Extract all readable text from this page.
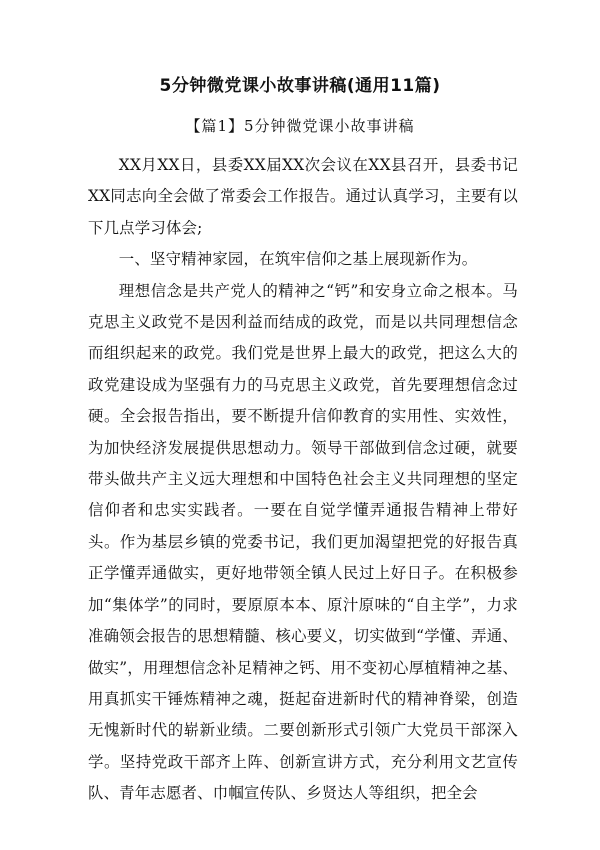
5分钟微党课小故事讲稿(通用11篇)
【篇1】5分钟微党课小故事讲稿

XX月XX日，县委XX届XX次会议在XX县召开，县委书记XX同志向全会做了常委会工作报告。通过认真学习，主要有以下几点学习体会;

一、坚守精神家园，在筑牢信仰之基上展现新作为。

理想信念是共产党人的精神之“钙”和安身立命之根本。马克思主义政党不是因利益而结成的政党，而是以共同理想信念而组织起来的政党。我们党是世界上最大的政党，把这么大的政党建设成为坚强有力的马克思主义政党，首先要理想信念过硬。全会报告指出，要不断提升信仰教育的实用性、实效性，为加快经济发展提供思想动力。领导干部做到信念过硬，就要带头做共产主义远大理想和中国特色社会主义共同理想的坚定信仰者和忠实实践者。一要在自觉学懂弄通报告精神上带好头。作为基层乡镇的党委书记，我们更加渴望把党的好报告真正学懂弄通做实，更好地带领全镇人民过上好日子。在积极参加“集体学”的同时，要原原本本、原汁原味的“自主学”，力求准确领会报告的思想精髓、核心要义，切实做到“学懂、弄通、做实”，用理想信念补足精神之钙、用不变初心厚植精神之基、用真抓实干锤炼精神之魂，挺起奋进新时代的精神脊梁，创造无愧新时代的崭新业绩。二要创新形式引领广大党员干部深入学。坚持党政干部齐上阵、创新宣讲方式，充分利用文艺宣传队、青年志愿者、巾帼宣传队、乡贤达人等组织，把全会
